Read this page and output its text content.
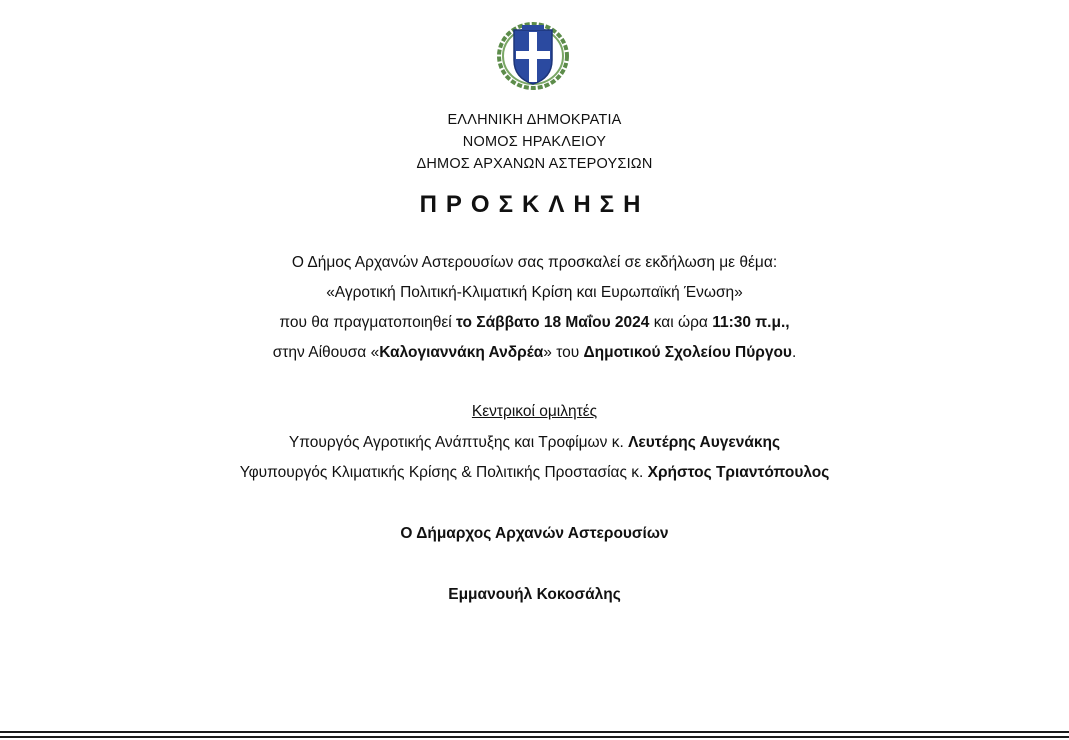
ΕΛΛΗΝΙΚΗ ΔΗΜΟΚΡΑΤΙΑ
ΝΟΜΟΣ ΗΡΑΚΛΕΙΟΥ
ΔΗΜΟΣ ΑΡΧΑΝΩΝ ΑΣΤΕΡΟΥΣΙΩΝ
ΠΡΟΣΚΛΗΣΗ
Ο Δήμος Αρχανών Αστερουσίων σας προσκαλεί σε εκδήλωση με θέμα:
«Αγροτική Πολιτική-Κλιματική Κρίση και Ευρωπαϊκή Ένωση»
που θα πραγματοποιηθεί το Σάββατο 18 Μαΐου 2024 και ώρα 11:30 π.μ.,
στην Αίθουσα «Καλογιαννάκη Ανδρέα» του Δημοτικού Σχολείου Πύργου.
Κεντρικοί ομιλητές
Υπουργός Αγροτικής Ανάπτυξης και Τροφίμων κ. Λευτέρης Αυγενάκης
Υφυπουργός Κλιματικής Κρίσης & Πολιτικής Προστασίας κ. Χρήστος Τριαντόπουλος
Ο Δήμαρχος Αρχανών Αστερουσίων
Εμμανουήλ Κοκοσάλης
